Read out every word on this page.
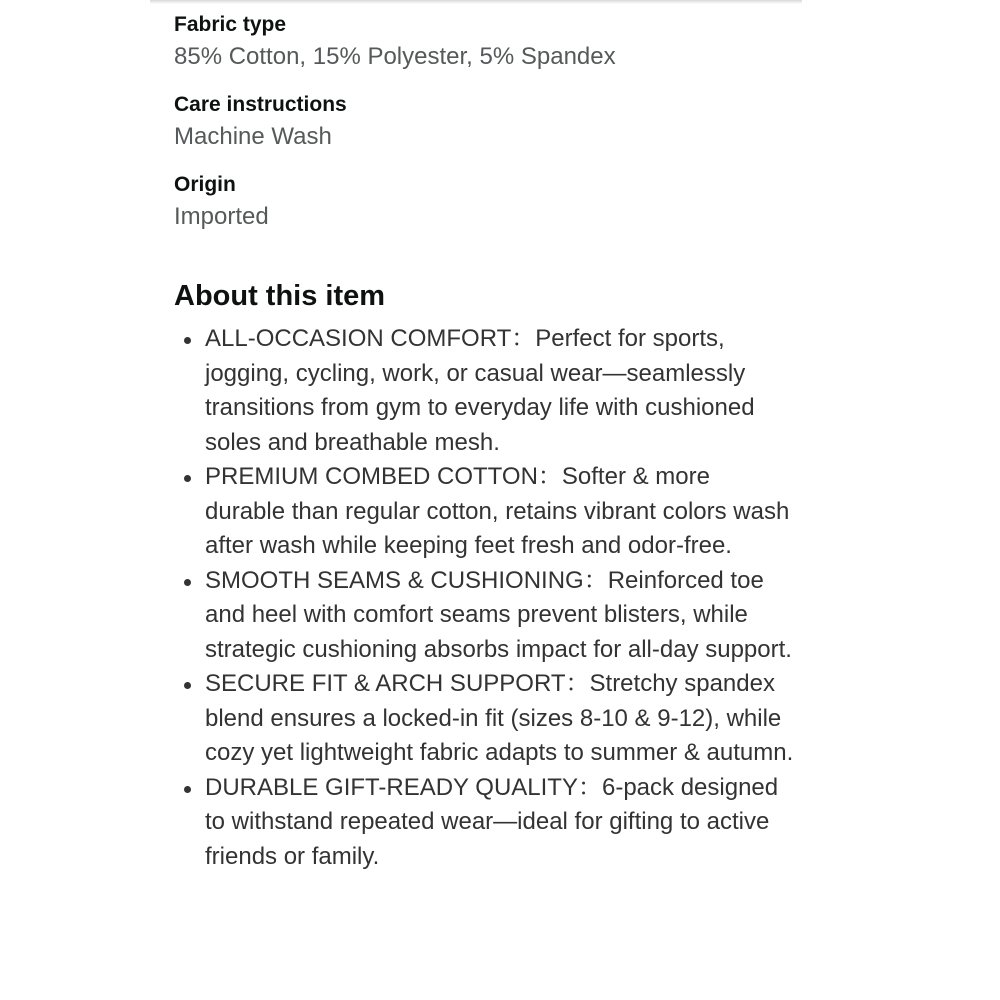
Fabric type
85% Cotton, 15% Polyester, 5% Spandex
Care instructions
Machine Wash
Origin
Imported
About this item
ALL-OCCASION COMFORT：Perfect for sports, jogging, cycling, work, or casual wear—seamlessly transitions from gym to everyday life with cushioned soles and breathable mesh.
PREMIUM COMBED COTTON：Softer & more durable than regular cotton, retains vibrant colors wash after wash while keeping feet fresh and odor-free.
SMOOTH SEAMS & CUSHIONING：Reinforced toe and heel with comfort seams prevent blisters, while strategic cushioning absorbs impact for all-day support.
SECURE FIT & ARCH SUPPORT：Stretchy spandex blend ensures a locked-in fit (sizes 8-10 & 9-12), while cozy yet lightweight fabric adapts to summer & autumn.
DURABLE GIFT-READY QUALITY：6-pack designed to withstand repeated wear—ideal for gifting to active friends or family.
